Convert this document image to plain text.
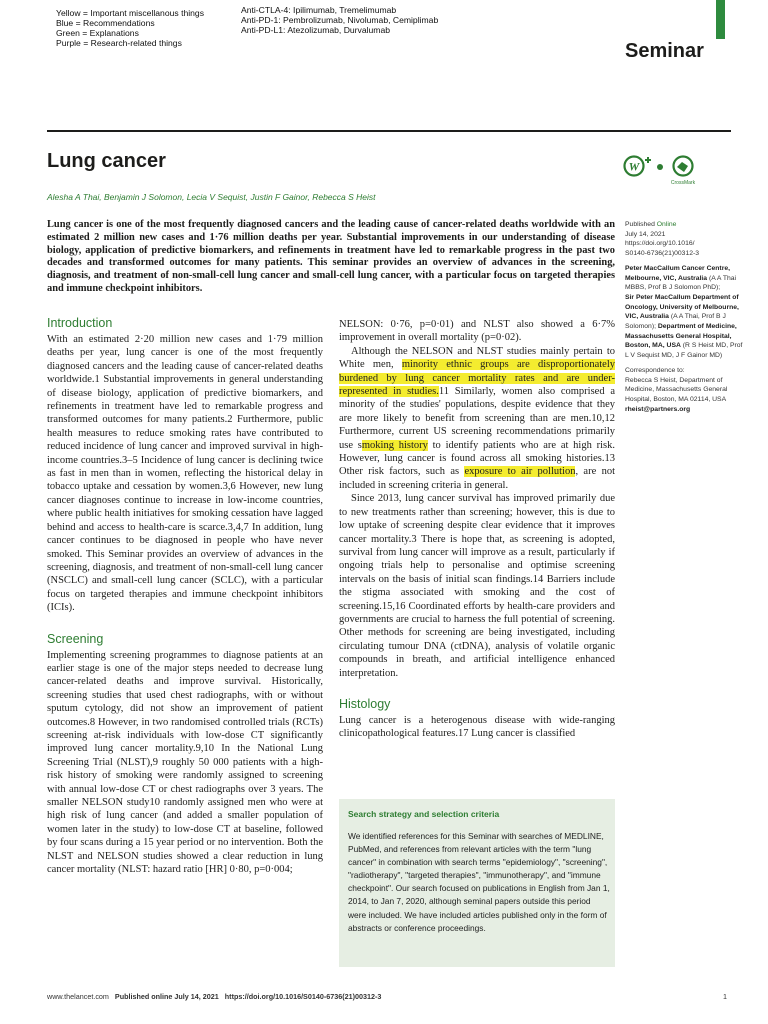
Yellow = Important miscellanous things
Blue = Recommendations
Green = Explanations
Purple = Research-related things
Anti-CTLA-4: Ipilimumab, Tremelimumab
Anti-PD-1: Pembrolizumab, Nivolumab, Cemiplimab
Anti-PD-L1: Atezolizumab, Durvalumab
Seminar
Lung cancer	W
CrossMark
Alesha A Thai, Benjamin J Solomon, Lecia V Sequist, Justin F Gainor, Rebecca S Heist
Lung cancer is one of the most frequently diagnosed cancers and the leading cause of cancer-related deaths worldwide with an estimated 2 million new cases and 1·76 million deaths per year. Substantial improvements in our understanding of disease biology, application of predictive biomarkers, and refinements in treatment have led to remarkable progress in the past two decades and transformed outcomes for many patients. This seminar provides an overview of advances in the screening, diagnosis, and treatment of non-small-cell lung cancer and small-cell lung cancer, with a particular focus on targeted therapies and immune checkpoint inhibitors.
Introduction

With an estimated 2·20 million new cases and 1·79 million deaths per year, lung cancer is one of the most frequently diagnosed cancers and the leading cause of cancer-related deaths worldwide.1 Substantial improvements in general understanding of disease biology, application of predictive biomarkers, and refinements in treatment have led to remarkable progress and transformed outcomes for many patients.2 Furthermore, public health measures to reduce smoking rates have contributed to reduced incidence of lung cancer and improved survival in high-income countries.3–5 Incidence of lung cancer is declining twice as fast in men than in women, reflecting the historical delay in tobacco uptake and cessation by women.3,6 However, new lung cancer diagnoses continue to increase in low-income countries, where public health initiatives for smoking cessation have lagged behind and access to health-care is scarce.3,4,7 In addition, lung cancer continues to be diagnosed in people who have never smoked. This Seminar provides an overview of advances in the screening, diagnosis, and treatment of non-small-cell lung cancer (NSCLC) and small-cell lung cancer (SCLC), with a particular focus on targeted therapies and immune checkpoint inhibitors (ICIs).

Screening

Implementing screening programmes to diagnose patients at an earlier stage is one of the major steps needed to decrease lung cancer-related deaths and improve survival. Historically, screening studies that used chest radiographs, with or without sputum cytology, did not show an improvement of patient outcomes.8 However, in two randomised controlled trials (RCTs) screening at-risk individuals with low-dose CT significantly improved lung cancer mortality.9,10 In the National Lung Screening Trial (NLST),9 roughly 50 000 patients with a high-risk history of smoking were randomly assigned to screening with annual low-dose CT or chest radiographs over 3 years. The smaller NELSON study10 randomly assigned men who were at high risk of lung cancer (and added a smaller population of women later in the study) to low-dose CT at baseline, followed by four scans during a 15 year period or no intervention. Both the NLST and NELSON studies showed a clear reduction in lung cancer mortality (NLST: hazard ratio [HR] 0·80, p=0·004;

NELSON: 0·76, p=0·01) and NLST also showed a 6·7% improvement in overall mortality (p=0·02).

Although the NELSON and NLST studies mainly pertain to White men, minority ethnic groups are disproportionately burdened by lung cancer mortality rates and are under-represented in studies.11 Similarly, women also comprised a minority of the studies' populations, despite evidence that they are more likely to benefit from screening than are men.10,12 Furthermore, current US screening recommendations primarily use smoking history to identify patients who are at high risk. However, lung cancer is found across all smoking histories.13 Other risk factors, such as exposure to air pollution, are not included in screening criteria in general.

Since 2013, lung cancer survival has improved primarily due to new treatments rather than screening; however, this is due to low uptake of screening despite clear evidence that it improves cancer mortality.3 There is hope that, as screening is adopted, survival from lung cancer will improve as a result, particularly if ongoing trials help to personalise and optimise screening intervals on the basis of initial scan findings.14 Barriers include the stigma associated with smoking and the cost of screening.15,16 Coordinated efforts by health-care providers and governments are crucial to harness the full potential of screening. Other methods for screening are being investigated, including circulating tumour DNA (ctDNA), analysis of volatile organic compounds in breath, and artificial intelligence enhanced interpretation.

Histology

Lung cancer is a heterogenous disease with wide-ranging clinicopathological features.17 Lung cancer is classified

Published Online
July 14, 2021
https://doi.org/10.1016/
S0140-6736(21)00312-3

Peter MacCallum Cancer Centre, Melbourne, VIC, Australia (A A Thai MBBS, Prof B J Solomon PhD);
Sir Peter MacCallum Department of Oncology, University of Melbourne, VIC, Australia (A A Thai, Prof B J Solomon); Department of Medicine, Massachusetts General Hospital, Boston, MA, USA (R S Heist MD, Prof L V Sequist MD, J F Gainor MD)

Correspondence to:
Rebecca S Heist, Department of Medicine, Massachusetts General Hospital, Boston, MA 02114, USA
rheist@partners.org

Search strategy and selection criteria

We identified references for this Seminar with searches of MEDLINE, PubMed, and references from relevant articles with the term "lung cancer" in combination with search terms "epidemiology", "screening", "radiotherapy", "targeted therapies", "immunotherapy", and "immune checkpoint". Our search focused on publications in English from Jan 1, 2014, to Jan 7, 2020, although seminal papers outside this period were included. We have included articles published only in the form of abstracts or conference proceedings.

www.thelancet.com Published online July 14, 2021 https://doi.org/10.1016/S0140-6736(21)00312-3	1
